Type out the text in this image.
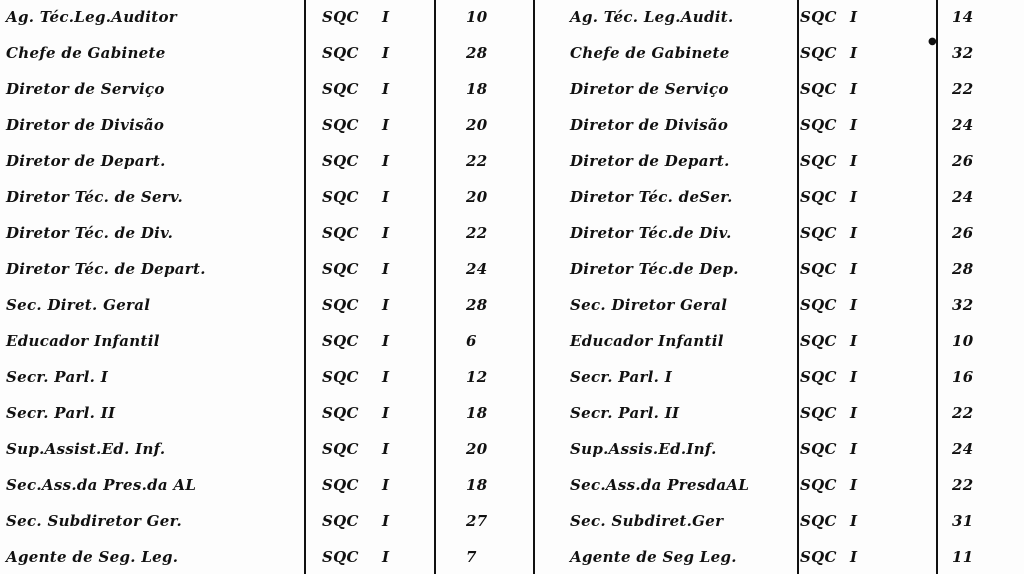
Ag. Téc.Leg.Auditor	SQC I	10	Ag. Téc. Leg.Audit.	SQC I	14
Chefe de Gabinete	SQC I	28	Chefe de Gabinete	SQC I	32
●
Diretor de Serviço	SQC I	18	Diretor de Serviço	SQC I	22
Diretor de Divisão	SQC I	20	Diretor de Divisão	SQC I	24
Diretor de Depart.	SQC I	22	Diretor de Depart.	SQC I	26
Diretor Téc. de Serv.	SQC I	20	Diretor Téc. deSer.	SQC I	24
Diretor Téc. de Div.	SQC I	22	Diretor Téc.de Div.	SQC I	26
Diretor Téc. de Depart.	SQC I	24	Diretor Téc.de Dep.	SQC I	28
Sec. Diret. Geral	SQC I	28	Sec. Diretor Geral	SQC I	32
Educador Infantil	SQC I	6	Educador Infantil	SQC I	10
Secr. Parl. I	SQC I	12	Secr. Parl. I	SQC I	16
Secr. Parl. II	SQC I	18	Secr. Parl. II	SQC I	22
Sup.Assist.Ed. Inf.	SQC I	20	Sup.Assis.Ed.Inf.	SQC I	24
Sec.Ass.da Pres.da AL	SQC I	18	Sec.Ass.da PresdaAL	SQC I	22
Sec. Subdiretor Ger.	SQC I	27	Sec. Subdiret.Ger	SQC I	31
Agente de Seg. Leg.	SQC I	7	Agente de Seg Leg.	SQC I	11
